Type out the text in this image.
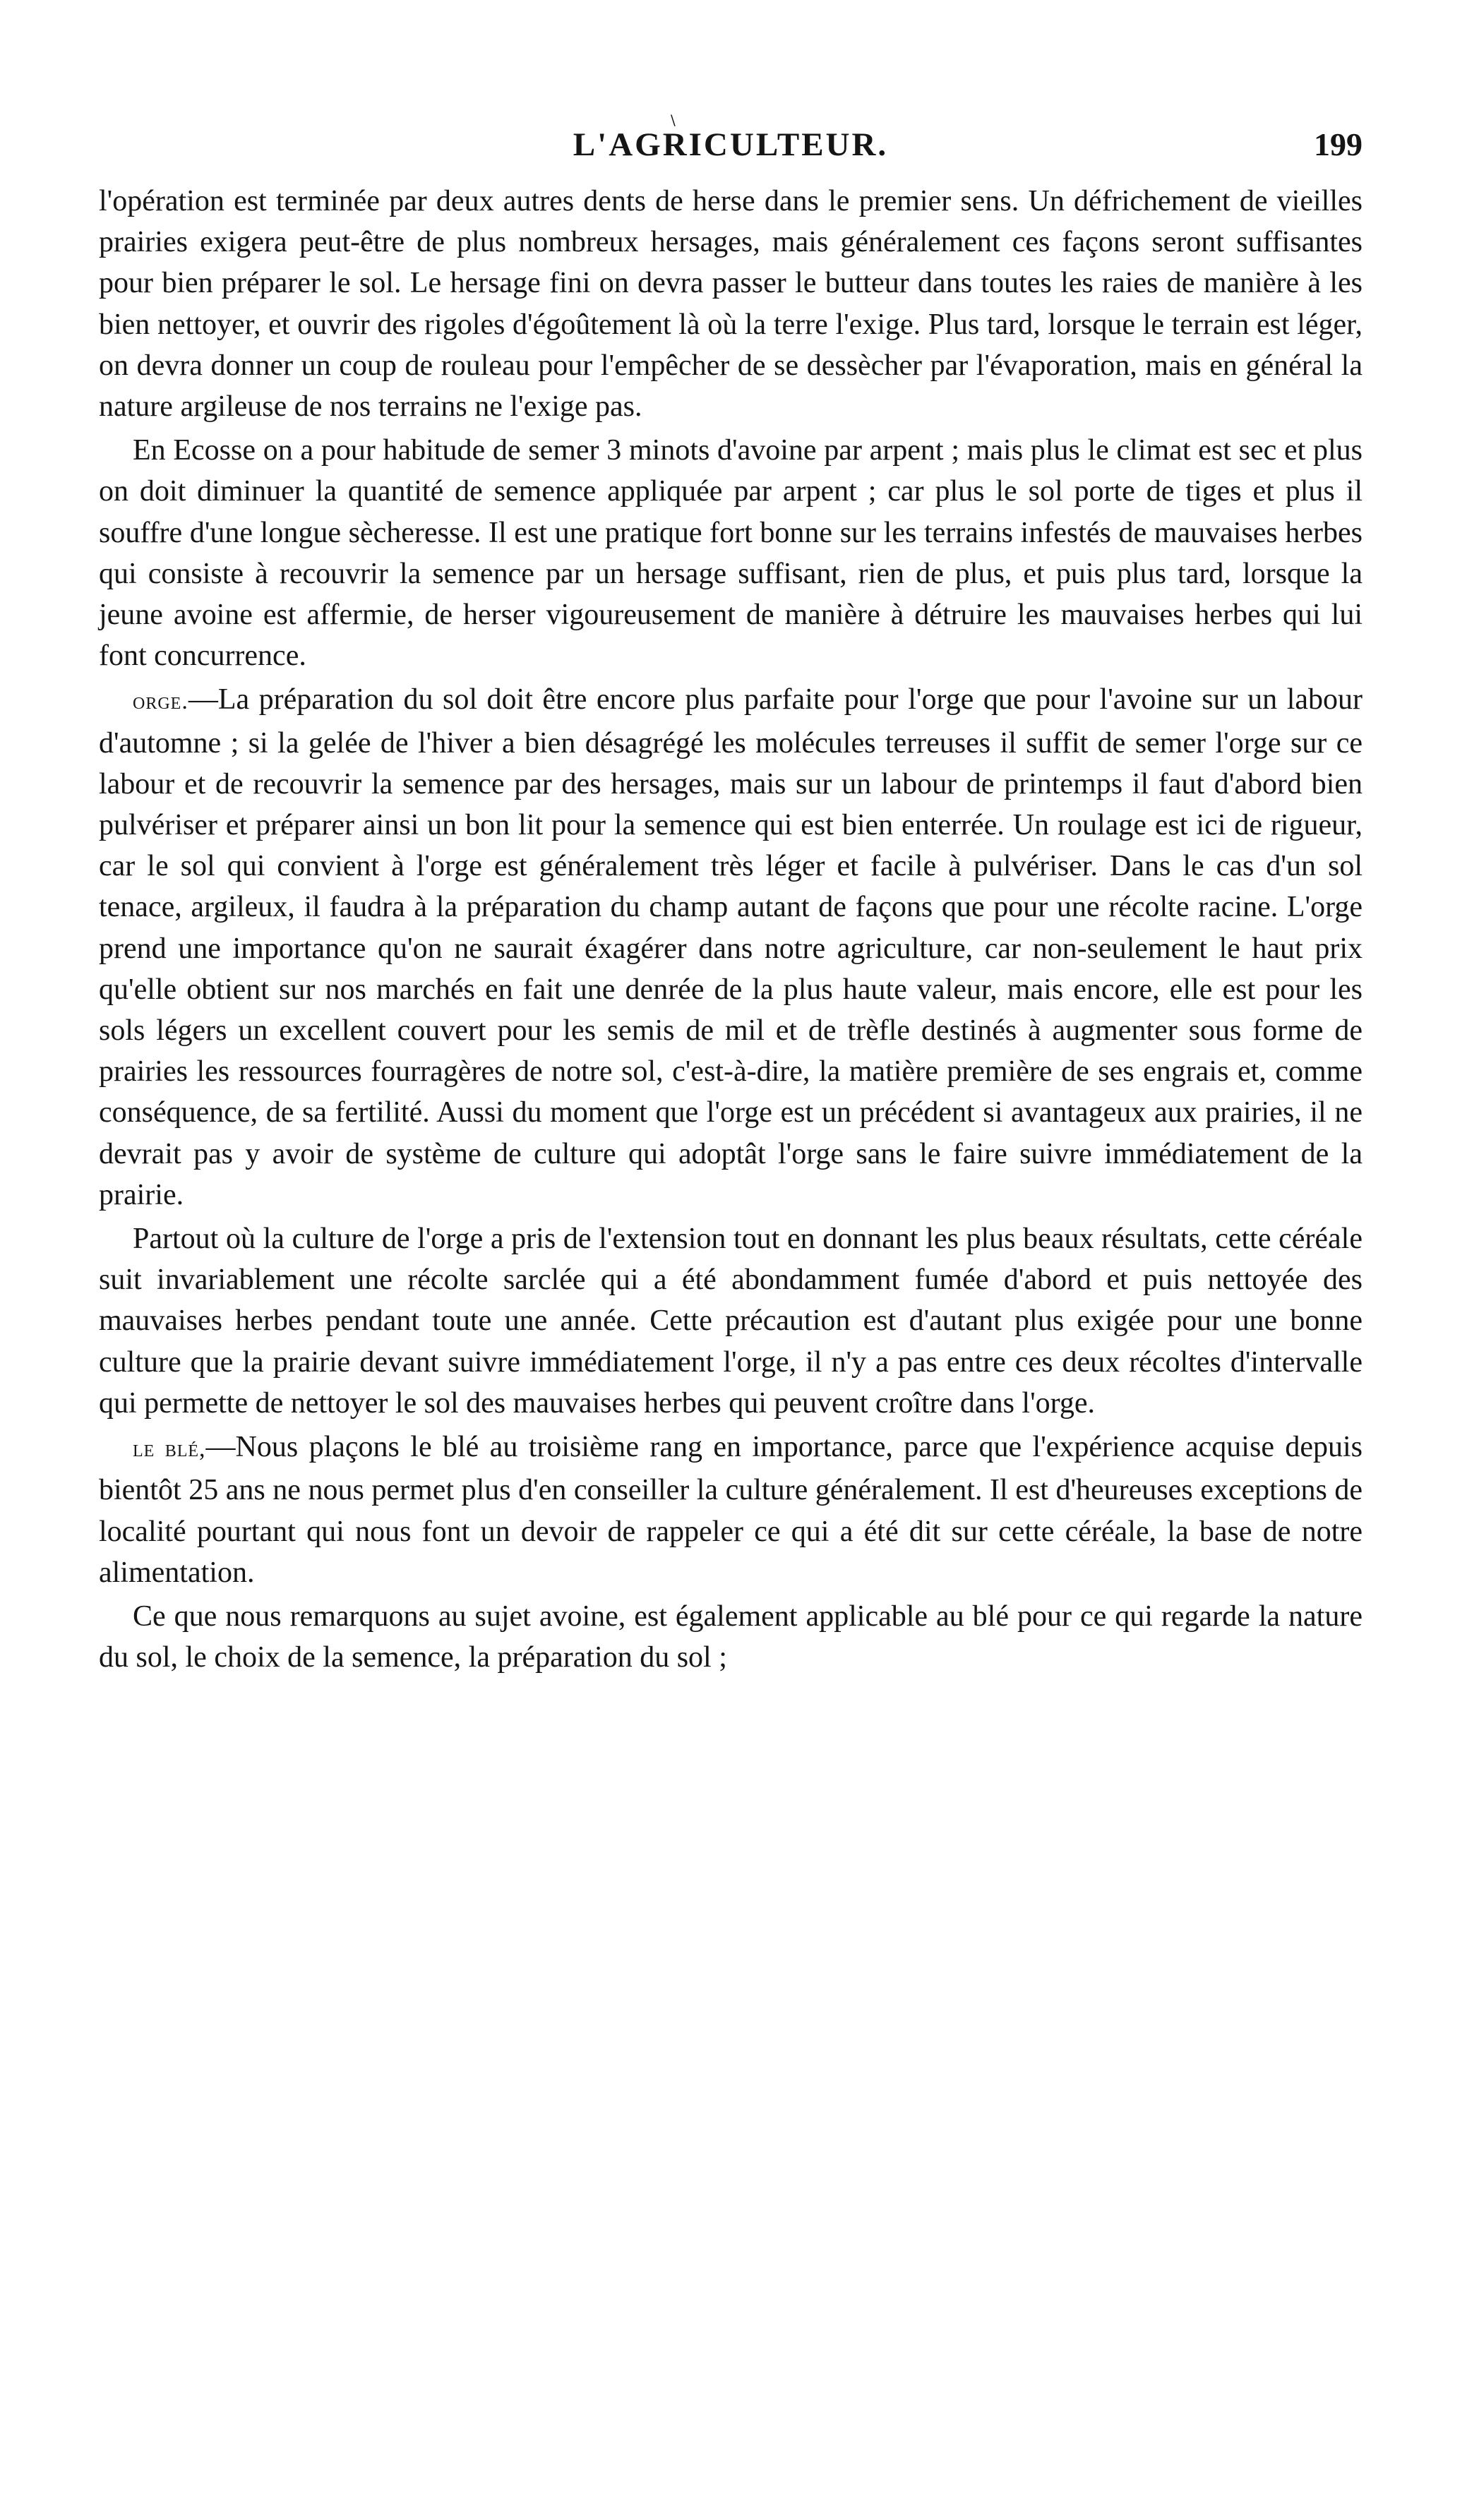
\
L'AGRICULTEUR.	199

l'opération est terminée par deux autres dents de herse dans le premier sens. Un défrichement de vieilles prairies exigera peut-être de plus nombreux hersages, mais généralement ces façons seront suffisantes pour bien préparer le sol. Le hersage fini on devra passer le butteur dans toutes les raies de manière à les bien nettoyer, et ouvrir des rigoles d'égoûtement là où la terre l'exige. Plus tard, lorsque le terrain est léger, on devra donner un coup de rouleau pour l'empêcher de se dessècher par l'évaporation, mais en général la nature argileuse de nos terrains ne l'exige pas.

En Ecosse on a pour habitude de semer 3 minots d'avoine par arpent ; mais plus le climat est sec et plus on doit diminuer la quantité de semence appliquée par arpent ; car plus le sol porte de tiges et plus il souffre d'une longue sècheresse. Il est une pratique fort bonne sur les terrains infestés de mauvaises herbes qui consiste à recouvrir la semence par un hersage suffisant, rien de plus, et puis plus tard, lorsque la jeune avoine est affermie, de herser vigoureusement de manière à détruire les mauvaises herbes qui lui font concurrence.

orge.—La préparation du sol doit être encore plus parfaite pour l'orge que pour l'avoine sur un labour d'automne ; si la gelée de l'hiver a bien désagrégé les molécules terreuses il suffit de semer l'orge sur ce labour et de recouvrir la semence par des hersages, mais sur un labour de printemps il faut d'abord bien pulvériser et préparer ainsi un bon lit pour la semence qui est bien enterrée. Un roulage est ici de rigueur, car le sol qui convient à l'orge est généralement très léger et facile à pulvériser. Dans le cas d'un sol tenace, argileux, il faudra à la préparation du champ autant de façons que pour une récolte racine. L'orge prend une importance qu'on ne saurait éxagérer dans notre agriculture, car non-seulement le haut prix qu'elle obtient sur nos marchés en fait une denrée de la plus haute valeur, mais encore, elle est pour les sols légers un excellent couvert pour les semis de mil et de trèfle destinés à augmenter sous forme de prairies les ressources fourragères de notre sol, c'est-à-dire, la matière première de ses engrais et, comme conséquence, de sa fertilité. Aussi du moment que l'orge est un précédent si avantageux aux prairies, il ne devrait pas y avoir de système de culture qui adoptât l'orge sans le faire suivre immédiatement de la prairie.

Partout où la culture de l'orge a pris de l'extension tout en donnant les plus beaux résultats, cette céréale suit invariablement une récolte sarclée qui a été abondamment fumée d'abord et puis nettoyée des mauvaises herbes pendant toute une année. Cette précaution est d'autant plus exigée pour une bonne culture que la prairie devant suivre immédiatement l'orge, il n'y a pas entre ces deux récoltes d'intervalle qui permette de nettoyer le sol des mauvaises herbes qui peuvent croître dans l'orge.

le blé,—Nous plaçons le blé au troisième rang en importance, parce que l'expérience acquise depuis bientôt 25 ans ne nous permet plus d'en conseiller la culture généralement. Il est d'heureuses exceptions de localité pourtant qui nous font un devoir de rappeler ce qui a été dit sur cette céréale, la base de notre alimentation.

Ce que nous remarquons au sujet avoine, est également applicable au blé pour ce qui regarde la nature du sol, le choix de la semence, la préparation du sol ;
